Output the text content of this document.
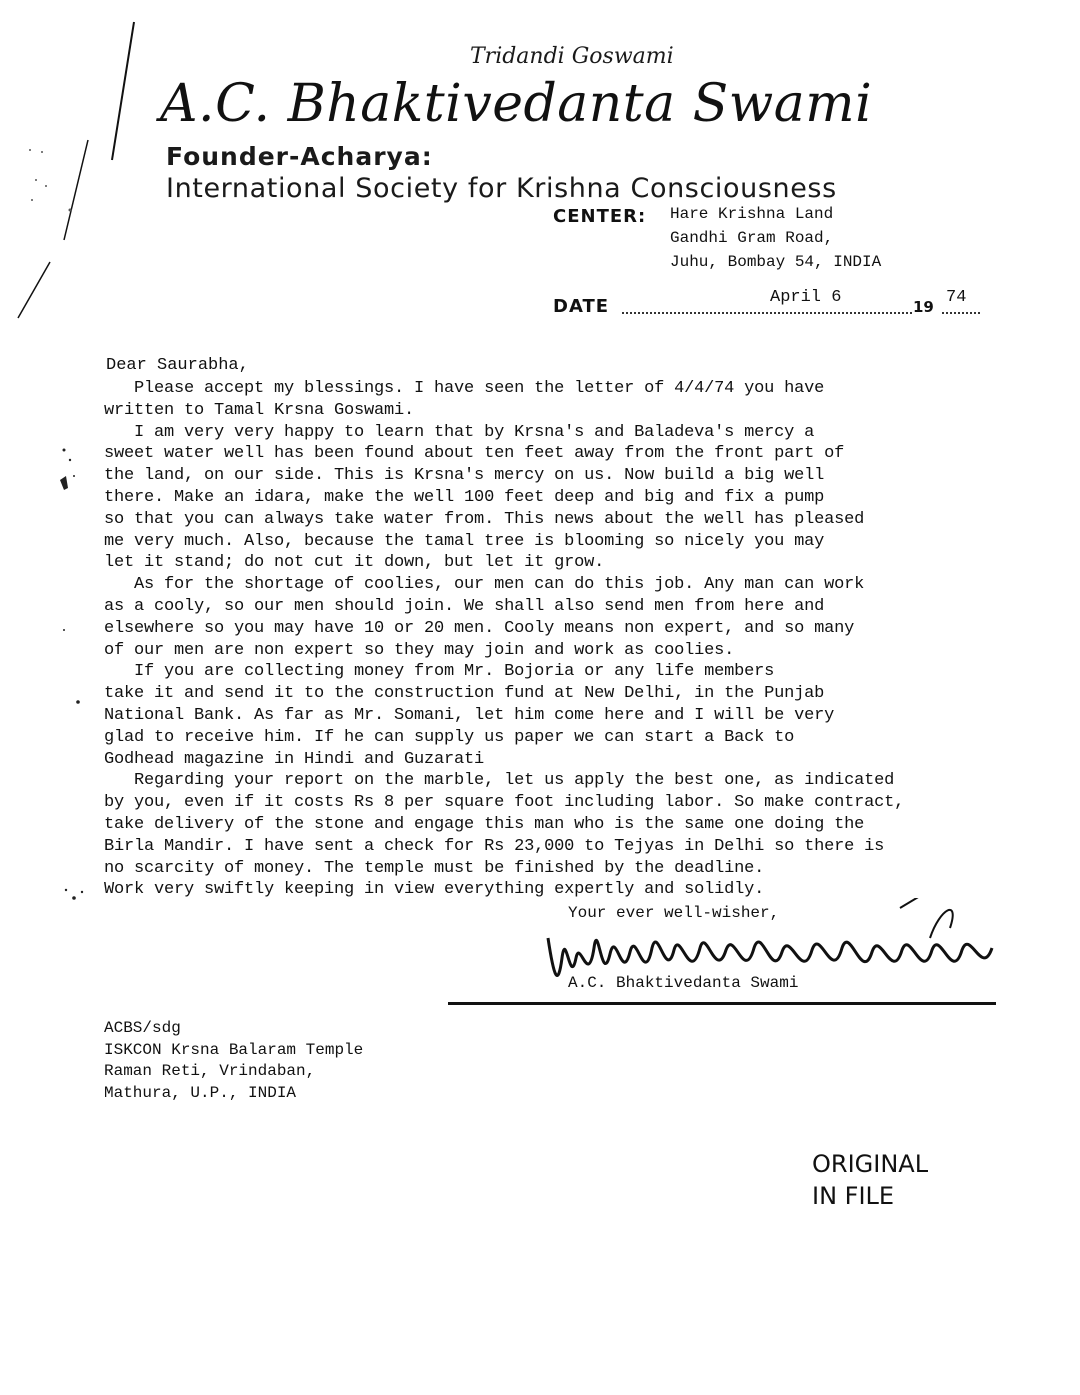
Tridandi Goswami
A.C. Bhaktivedanta Swami
Founder-Acharya:
International Society for Krishna Consciousness
CENTER: Hare Krishna Land
Gandhi Gram Road,
Juhu, Bombay 54, INDIA
DATE	April 6	19 74
Dear Saurabha,
Please accept my blessings. I have seen the letter of 4/4/74 you have
written to Tamal Krsna Goswami.
I am very very happy to learn that by Krsna's and Baladeva's mercy a
sweet water well has been found about ten feet away from the front part of
the land, on our side. This is Krsna's mercy on us. Now build a big well
there. Make an idara, make the well 100 feet deep and big and fix a pump
so that you can always take water from. This news about the well has pleased
me very much. Also, because the tamal tree is blooming so nicely you may
let it stand; do not cut it down, but let it grow.
As for the shortage of coolies, our men can do this job. Any man can work
as a cooly, so our men should join. We shall also send men from here and
elsewhere so you may have 10 or 20 men. Cooly means non expert, and so many
of our men are non expert so they may join and work as coolies.
If you are collecting money from Mr. Bojoria or any life members
take it and send it to the construction fund at New Delhi, in the Punjab
National Bank. As far as Mr. Somani, let him come here and I will be very
glad to receive him. If he can supply us paper we can start a Back to
Godhead magazine in Hindi and Guzarati
Regarding your report on the marble, let us apply the best one, as indicated
by you, even if it costs Rs 8 per square foot including labor. So make contract,
take delivery of the stone and engage this man who is the same one doing the
Birla Mandir. I have sent a check for Rs 23,000 to Tejyas in Delhi so there is
no scarcity of money. The temple must be finished by the deadline.
Work very swiftly keeping in view everything expertly and solidly.
Your ever well-wisher,
A.C. Bhaktivedanta Swami
ACBS/sdg
ISKCON Krsna Balaram Temple
Raman Reti, Vrindaban,
Mathura, U.P., INDIA
ORIGINAL
IN FILE
